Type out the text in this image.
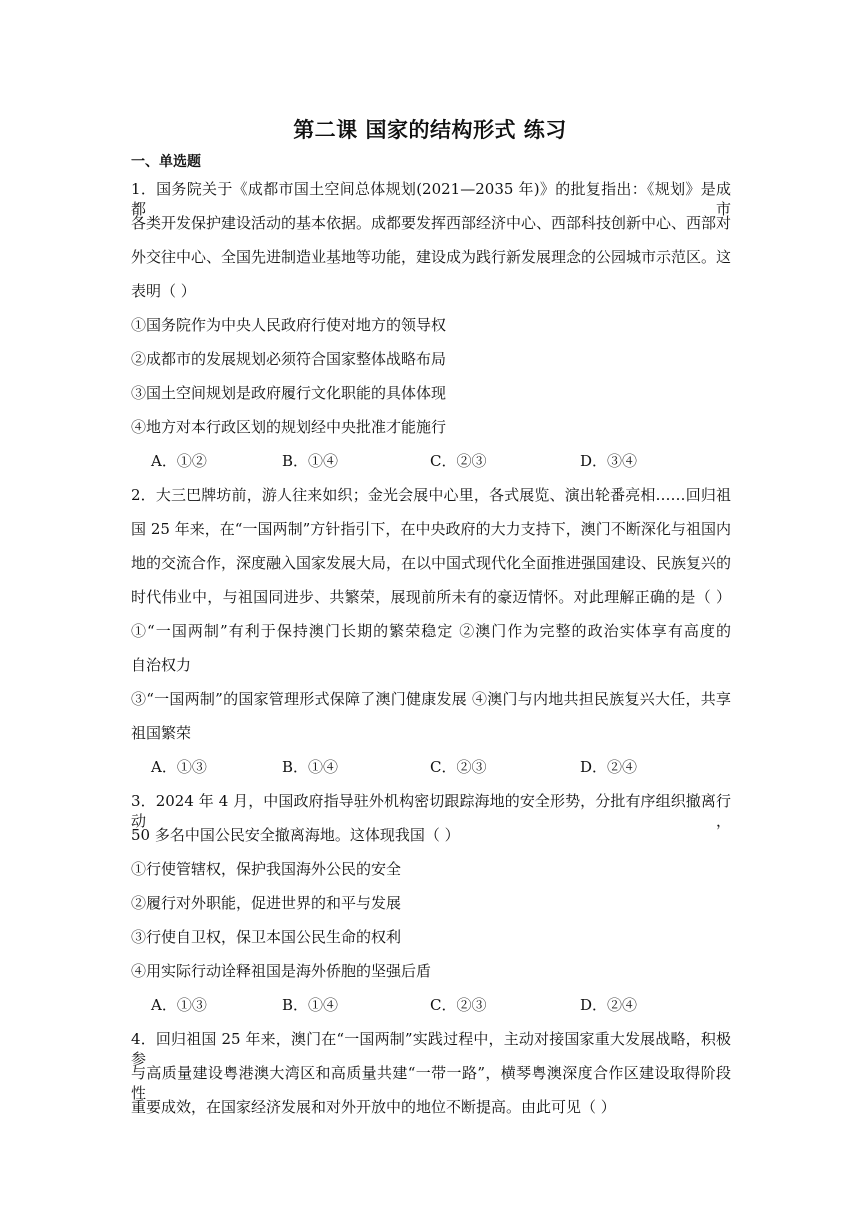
第二课 国家的结构形式 练习
一、单选题
1．国务院关于《成都市国土空间总体规划(2021—2035 年)》的批复指出：《规划》是成都市
各类开发保护建设活动的基本依据。成都要发挥西部经济中心、西部科技创新中心、西部对
外交往中心、全国先进制造业基地等功能，建设成为践行新发展理念的公园城市示范区。这
表明（ ）
①国务院作为中央人民政府行使对地方的领导权
②成都市的发展规划必须符合国家整体战略布局
③国土空间规划是政府履行文化职能的具体体现
④地方对本行政区划的规划经中央批准才能施行
A．①②	B．①④	C．②③	D．③④
2．大三巴牌坊前，游人往来如织；金光会展中心里，各式展览、演出轮番亮相……回归祖
国 25 年来，在“一国两制”方针指引下，在中央政府的大力支持下，澳门不断深化与祖国内
地的交流合作，深度融入国家发展大局，在以中国式现代化全面推进强国建设、民族复兴的
时代伟业中，与祖国同进步、共繁荣，展现前所未有的豪迈情怀。对此理解正确的是（ ）
①“一国两制”有利于保持澳门长期的繁荣稳定 ②澳门作为完整的政治实体享有高度的
自治权力
③“一国两制”的国家管理形式保障了澳门健康发展 ④澳门与内地共担民族复兴大任，共享
祖国繁荣
A．①③	B．①④	C．②③	D．②④
3．2024 年 4 月，中国政府指导驻外机构密切跟踪海地的安全形势，分批有序组织撤离行动，
50 多名中国公民安全撤离海地。这体现我国（ ）
①行使管辖权，保护我国海外公民的安全
②履行对外职能，促进世界的和平与发展
③行使自卫权，保卫本国公民生命的权利
④用实际行动诠释祖国是海外侨胞的坚强后盾
A．①③	B．①④	C．②③	D．②④
4．回归祖国 25 年来，澳门在“一国两制”实践过程中，主动对接国家重大发展战略，积极参
与高质量建设粤港澳大湾区和高质量共建“一带一路”，横琴粤澳深度合作区建设取得阶段性
重要成效，在国家经济发展和对外开放中的地位不断提高。由此可见（ ）
